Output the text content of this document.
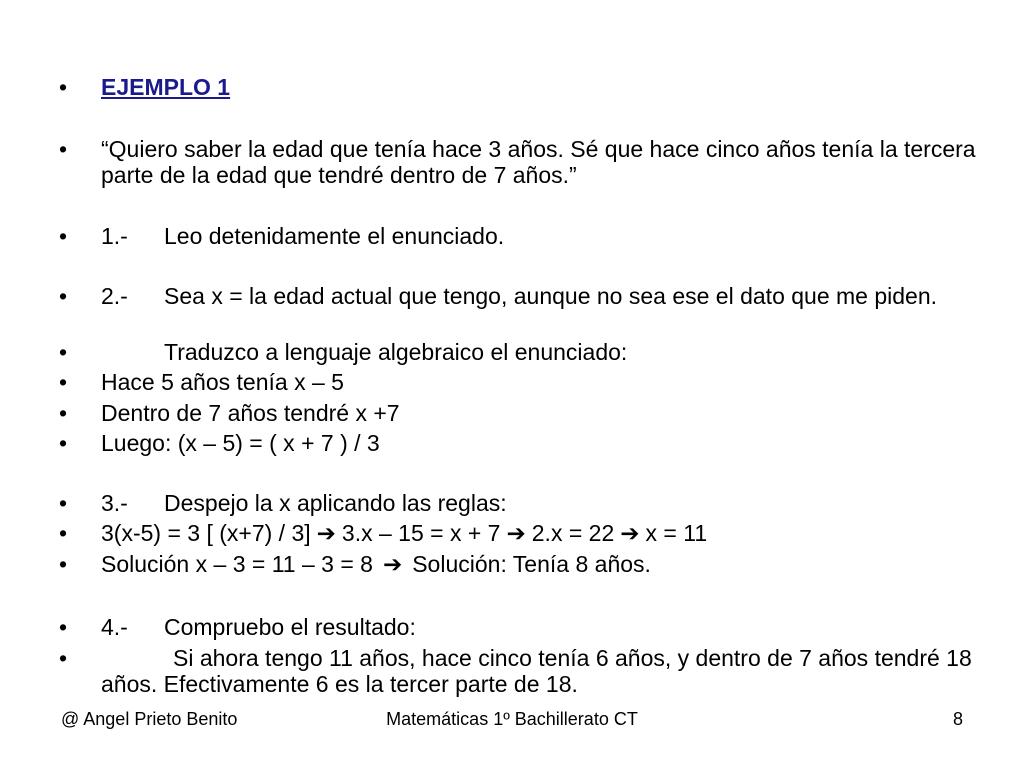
• EJEMPLO 1
• “Quiero saber la edad que tenía hace 3 años. Sé que hace cinco años tenía la tercera parte de la edad que tendré dentro de 7 años.”
• 1.- Leo detenidamente el enunciado.
• 2.- Sea x = la edad actual que tengo, aunque no sea ese el dato que me piden.
•	Traduzco a lenguaje algebraico el enunciado:
• Hace 5 años tenía x – 5
• Dentro de 7 años tendré x +7
• Luego: (x – 5) = ( x + 7 ) / 3
• 3.- Despejo la x aplicando las reglas:
• 3(x-5) = 3 [ (x+7) / 3] ➔ 3.x – 15 = x + 7 ➔ 2.x = 22 ➔ x = 11
• Solución x – 3 = 11 – 3 = 8 ➔ Solución: Tenía 8 años.
• 4.- Compruebo el resultado:
•	Si ahora tengo 11 años, hace cinco tenía 6 años, y dentro de 7 años tendré 18 años. Efectivamente 6 es la tercer parte de 18.
@ Angel Prieto Benito	Matemáticas 1º Bachillerato CT	8
